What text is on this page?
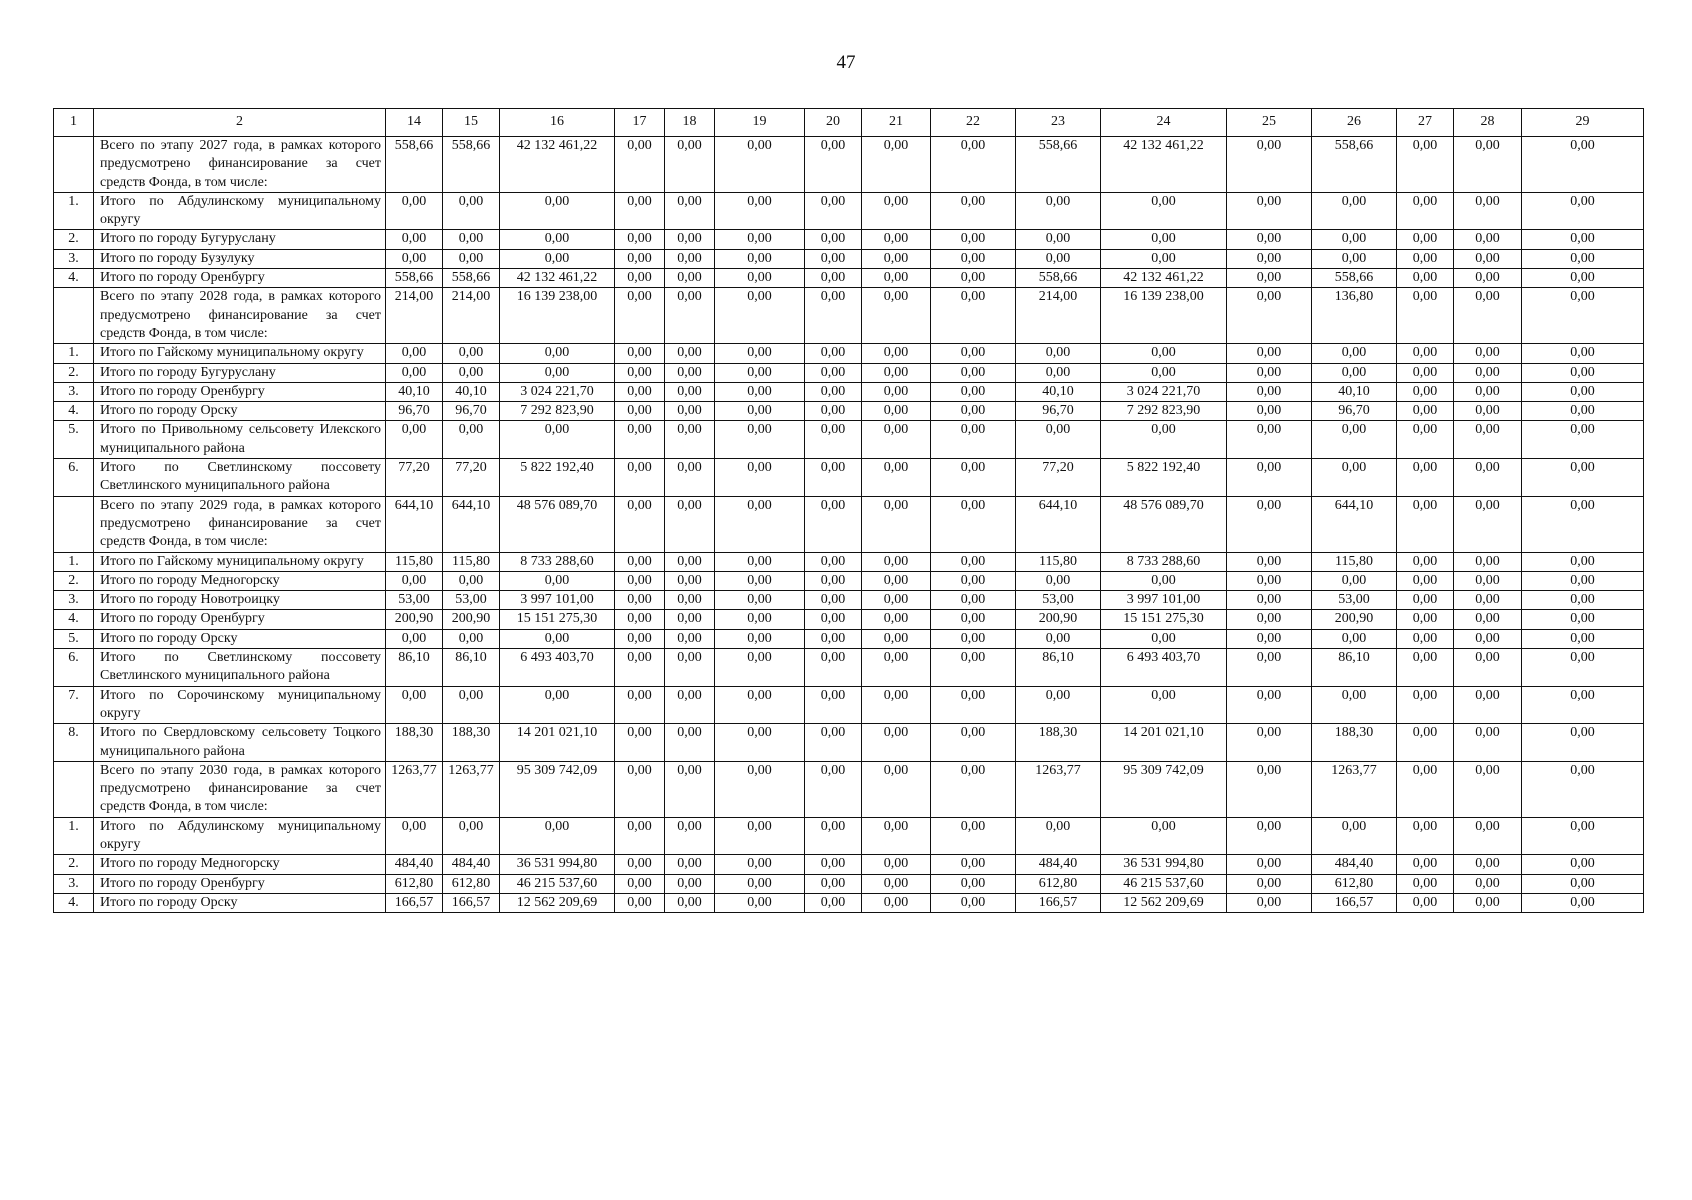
47
1	2	14	15	16	17	18	19	20	21	22	23	24	25	26	27	28	29
	Всего по этапу 2027 года, в рамках которого предусмотрено финансирование за счет средств Фонда, в том числе:	558,66	558,66	42 132 461,22	0,00	0,00	0,00	0,00	0,00	0,00	558,66	42 132 461,22	0,00	558,66	0,00	0,00	0,00
1.	Итого по Абдулинскому муниципальному округу	0,00	0,00	0,00	0,00	0,00	0,00	0,00	0,00	0,00	0,00	0,00	0,00	0,00	0,00	0,00	0,00
2.	Итого по городу Бугуруслану	0,00	0,00	0,00	0,00	0,00	0,00	0,00	0,00	0,00	0,00	0,00	0,00	0,00	0,00	0,00	0,00
3.	Итого по городу Бузулуку	0,00	0,00	0,00	0,00	0,00	0,00	0,00	0,00	0,00	0,00	0,00	0,00	0,00	0,00	0,00	0,00
4.	Итого по городу Оренбургу	558,66	558,66	42 132 461,22	0,00	0,00	0,00	0,00	0,00	0,00	558,66	42 132 461,22	0,00	558,66	0,00	0,00	0,00
	Всего по этапу 2028 года, в рамках которого предусмотрено финансирование за счет средств Фонда, в том числе:	214,00	214,00	16 139 238,00	0,00	0,00	0,00	0,00	0,00	0,00	214,00	16 139 238,00	0,00	136,80	0,00	0,00	0,00
1.	Итого по Гайскому муниципальному округу	0,00	0,00	0,00	0,00	0,00	0,00	0,00	0,00	0,00	0,00	0,00	0,00	0,00	0,00	0,00	0,00
2.	Итого по городу Бугуруслану	0,00	0,00	0,00	0,00	0,00	0,00	0,00	0,00	0,00	0,00	0,00	0,00	0,00	0,00	0,00	0,00
3.	Итого по городу Оренбургу	40,10	40,10	3 024 221,70	0,00	0,00	0,00	0,00	0,00	0,00	40,10	3 024 221,70	0,00	40,10	0,00	0,00	0,00
4.	Итого по городу Орску	96,70	96,70	7 292 823,90	0,00	0,00	0,00	0,00	0,00	0,00	96,70	7 292 823,90	0,00	96,70	0,00	0,00	0,00
5.	Итого по Привольному сельсовету Илекского муниципального района	0,00	0,00	0,00	0,00	0,00	0,00	0,00	0,00	0,00	0,00	0,00	0,00	0,00	0,00	0,00	0,00
6.	Итого по Светлинскому поссовету Светлинского муниципального района	77,20	77,20	5 822 192,40	0,00	0,00	0,00	0,00	0,00	0,00	77,20	5 822 192,40	0,00	0,00	0,00	0,00	0,00
	Всего по этапу 2029 года, в рамках которого предусмотрено финансирование за счет средств Фонда, в том числе:	644,10	644,10	48 576 089,70	0,00	0,00	0,00	0,00	0,00	0,00	644,10	48 576 089,70	0,00	644,10	0,00	0,00	0,00
1.	Итого по Гайскому муниципальному округу	115,80	115,80	8 733 288,60	0,00	0,00	0,00	0,00	0,00	0,00	115,80	8 733 288,60	0,00	115,80	0,00	0,00	0,00
2.	Итого по городу Медногорску	0,00	0,00	0,00	0,00	0,00	0,00	0,00	0,00	0,00	0,00	0,00	0,00	0,00	0,00	0,00	0,00
3.	Итого по городу Новотроицку	53,00	53,00	3 997 101,00	0,00	0,00	0,00	0,00	0,00	0,00	53,00	3 997 101,00	0,00	53,00	0,00	0,00	0,00
4.	Итого по городу Оренбургу	200,90	200,90	15 151 275,30	0,00	0,00	0,00	0,00	0,00	0,00	200,90	15 151 275,30	0,00	200,90	0,00	0,00	0,00
5.	Итого по городу Орску	0,00	0,00	0,00	0,00	0,00	0,00	0,00	0,00	0,00	0,00	0,00	0,00	0,00	0,00	0,00	0,00
6.	Итого по Светлинскому поссовету Светлинского муниципального района	86,10	86,10	6 493 403,70	0,00	0,00	0,00	0,00	0,00	0,00	86,10	6 493 403,70	0,00	86,10	0,00	0,00	0,00
7.	Итого по Сорочинскому муниципальному округу	0,00	0,00	0,00	0,00	0,00	0,00	0,00	0,00	0,00	0,00	0,00	0,00	0,00	0,00	0,00	0,00
8.	Итого по Свердловскому сельсовету Тоцкого муниципального района	188,30	188,30	14 201 021,10	0,00	0,00	0,00	0,00	0,00	0,00	188,30	14 201 021,10	0,00	188,30	0,00	0,00	0,00
	Всего по этапу 2030 года, в рамках которого предусмотрено финансирование за счет средств Фонда, в том числе:	1263,77	1263,77	95 309 742,09	0,00	0,00	0,00	0,00	0,00	0,00	1263,77	95 309 742,09	0,00	1263,77	0,00	0,00	0,00
1.	Итого по Абдулинскому муниципальному округу	0,00	0,00	0,00	0,00	0,00	0,00	0,00	0,00	0,00	0,00	0,00	0,00	0,00	0,00	0,00	0,00
2.	Итого по городу Медногорску	484,40	484,40	36 531 994,80	0,00	0,00	0,00	0,00	0,00	0,00	484,40	36 531 994,80	0,00	484,40	0,00	0,00	0,00
3.	Итого по городу Оренбургу	612,80	612,80	46 215 537,60	0,00	0,00	0,00	0,00	0,00	0,00	612,80	46 215 537,60	0,00	612,80	0,00	0,00	0,00
4.	Итого по городу Орску	166,57	166,57	12 562 209,69	0,00	0,00	0,00	0,00	0,00	0,00	166,57	12 562 209,69	0,00	166,57	0,00	0,00	0,00
